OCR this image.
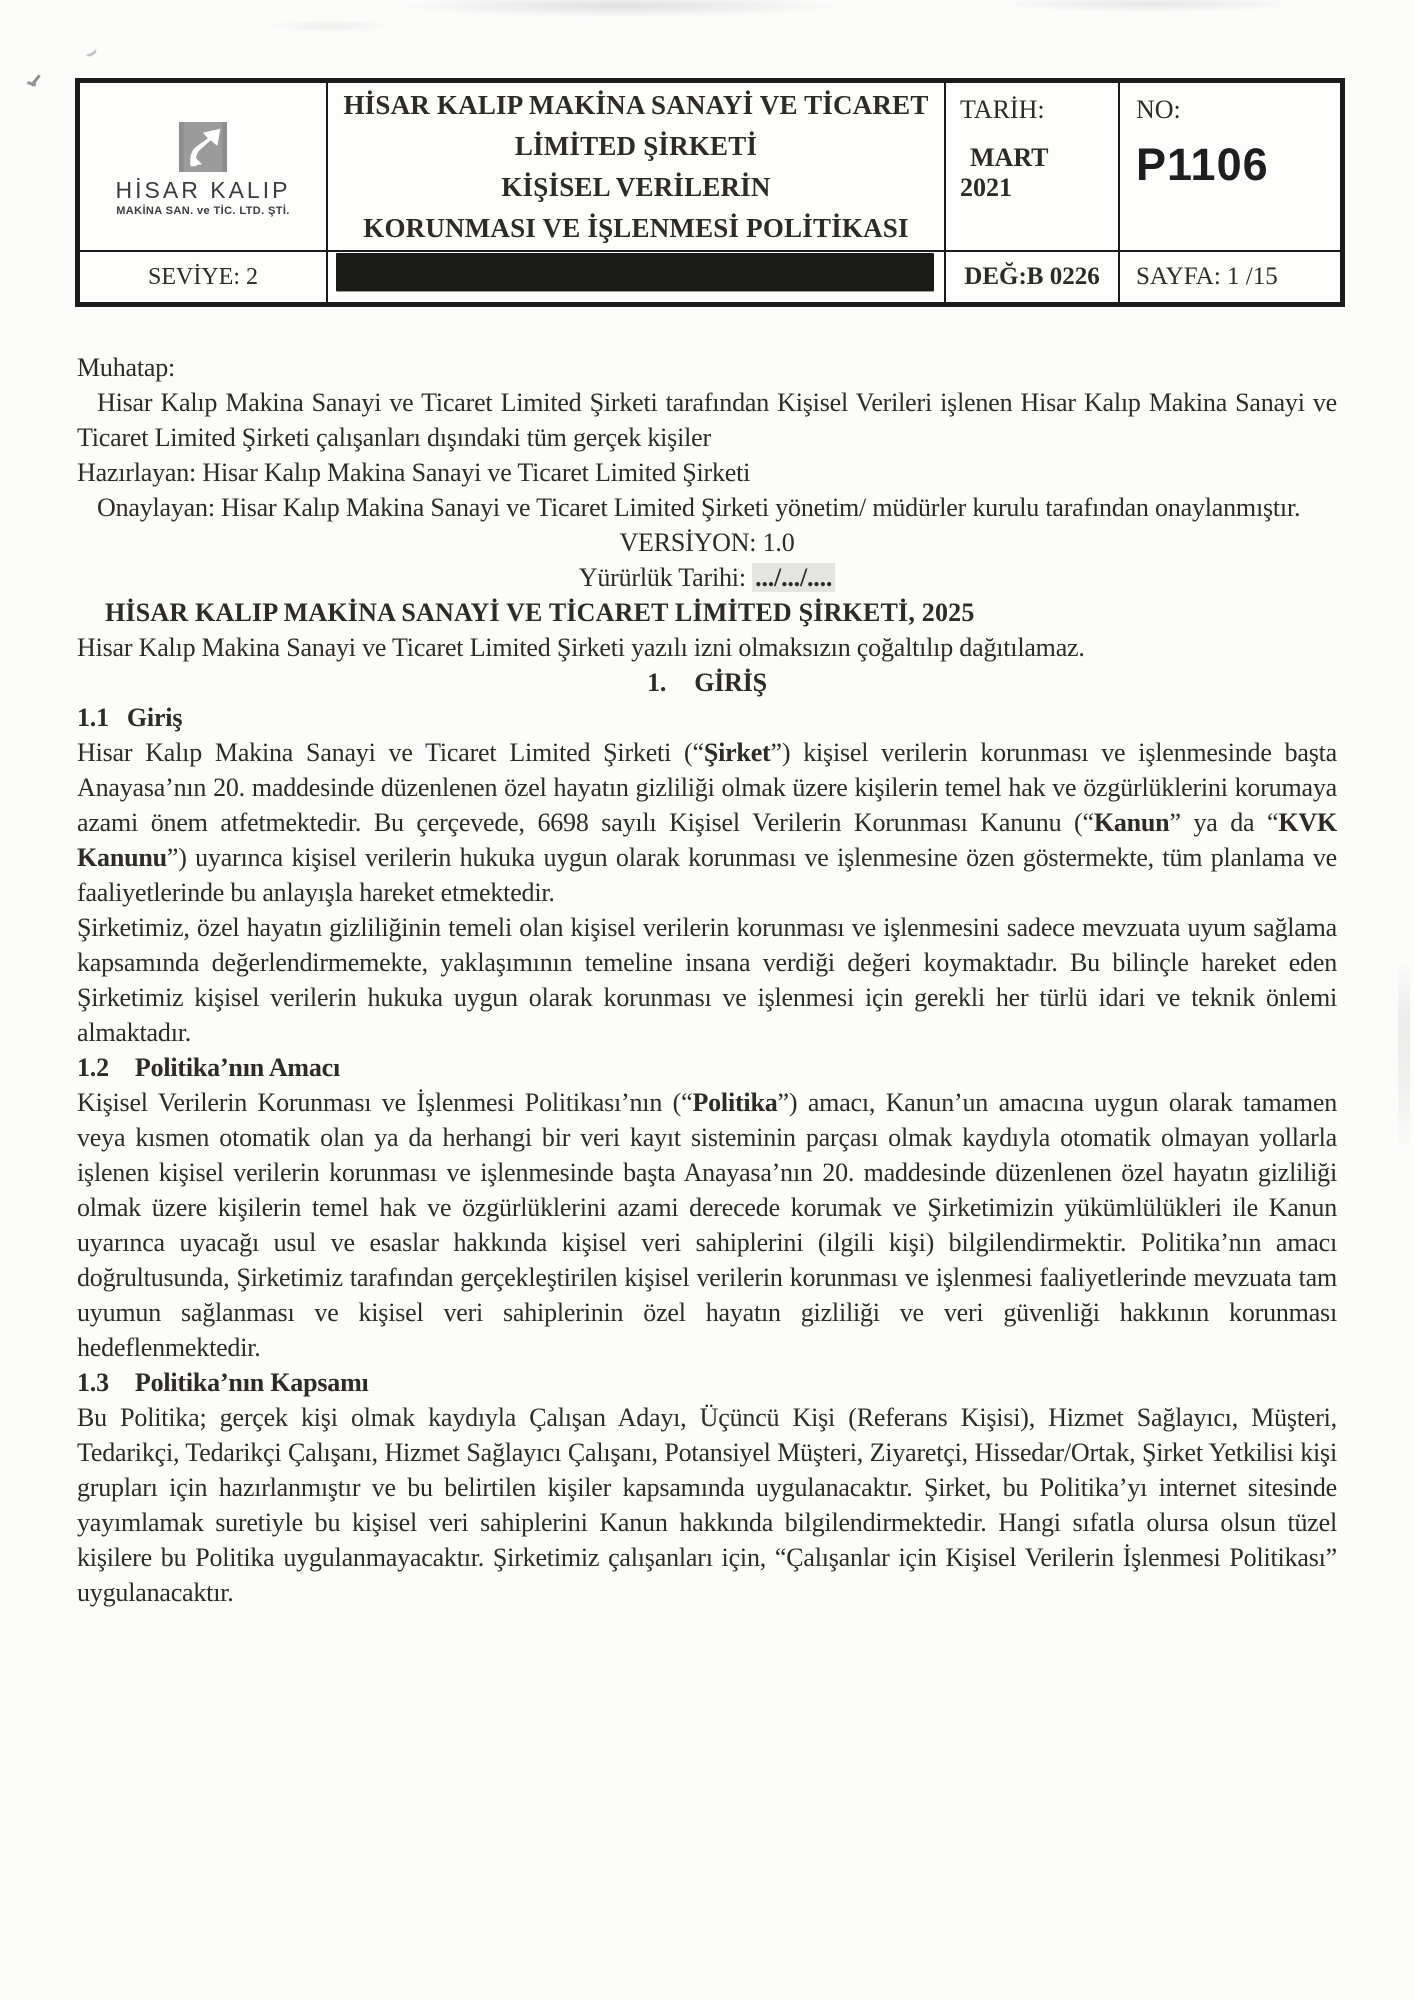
HİSAR KALIP
MAKİNA SAN. ve TİC. LTD. ŞTİ.
HİSAR KALIP MAKİNA SANAYİ VE TİCARET
LİMİTED ŞİRKETİ
KİŞİSEL VERİLERİN
KORUNMASI VE İŞLENMESİ POLİTİKASI
TARİH:
MART
2021
NO:
P1106
SEVİYE: 2	DEĞ:B 0226	SAYFA: 1 /15

Muhatap:

Hisar Kalıp Makina Sanayi ve Ticaret Limited Şirketi tarafından Kişisel Verileri işlenen Hisar Kalıp Makina Sanayi ve Ticaret Limited Şirketi çalışanları dışındaki tüm gerçek kişiler

Hazırlayan: Hisar Kalıp Makina Sanayi ve Ticaret Limited Şirketi

Onaylayan: Hisar Kalıp Makina Sanayi ve Ticaret Limited Şirketi yönetim/ müdürler kurulu tarafından onaylanmıştır.

VERSİYON: 1.0

Yürürlük Tarihi: .../.../....

HİSAR KALIP MAKİNA SANAYİ VE TİCARET LİMİTED ŞİRKETİ, 2025

Hisar Kalıp Makina Sanayi ve Ticaret Limited Şirketi yazılı izni olmaksızın çoğaltılıp dağıtılamaz.

1. GİRİŞ
1.1 Giriş

Hisar Kalıp Makina Sanayi ve Ticaret Limited Şirketi (“Şirket”) kişisel verilerin korunması ve işlenmesinde başta Anayasa’nın 20. maddesinde düzenlenen özel hayatın gizliliği olmak üzere kişilerin temel hak ve özgürlüklerini korumaya azami önem atfetmektedir. Bu çerçevede, 6698 sayılı Kişisel Verilerin Korunması Kanunu (“Kanun” ya da “KVK Kanunu”) uyarınca kişisel verilerin hukuka uygun olarak korunması ve işlenmesine özen göstermekte, tüm planlama ve faaliyetlerinde bu anlayışla hareket etmektedir.

Şirketimiz, özel hayatın gizliliğinin temeli olan kişisel verilerin korunması ve işlenmesini sadece mevzuata uyum sağlama kapsamında değerlendirmemekte, yaklaşımının temeline insana verdiği değeri koymaktadır. Bu bilinçle hareket eden Şirketimiz kişisel verilerin hukuka uygun olarak korunması ve işlenmesi için gerekli her türlü idari ve teknik önlemi almaktadır.

1.2 Politika’nın Amacı

Kişisel Verilerin Korunması ve İşlenmesi Politikası’nın (“Politika”) amacı, Kanun’un amacına uygun olarak tamamen veya kısmen otomatik olan ya da herhangi bir veri kayıt sisteminin parçası olmak kaydıyla otomatik olmayan yollarla işlenen kişisel verilerin korunması ve işlenmesinde başta Anayasa’nın 20. maddesinde düzenlenen özel hayatın gizliliği olmak üzere kişilerin temel hak ve özgürlüklerini azami derecede korumak ve Şirketimizin yükümlülükleri ile Kanun uyarınca uyacağı usul ve esaslar hakkında kişisel veri sahiplerini (ilgili kişi) bilgilendirmektir. Politika’nın amacı doğrultusunda, Şirketimiz tarafından gerçekleştirilen kişisel verilerin korunması ve işlenmesi faaliyetlerinde mevzuata tam uyumun sağlanması ve kişisel veri sahiplerinin özel hayatın gizliliği ve veri güvenliği hakkının korunması hedeflenmektedir.

1.3 Politika’nın Kapsamı

Bu Politika; gerçek kişi olmak kaydıyla Çalışan Adayı, Üçüncü Kişi (Referans Kişisi), Hizmet Sağlayıcı, Müşteri, Tedarikçi, Tedarikçi Çalışanı, Hizmet Sağlayıcı Çalışanı, Potansiyel Müşteri, Ziyaretçi, Hissedar/Ortak, Şirket Yetkilisi kişi grupları için hazırlanmıştır ve bu belirtilen kişiler kapsamında uygulanacaktır. Şirket, bu Politika’yı internet sitesinde yayımlamak suretiyle bu kişisel veri sahiplerini Kanun hakkında bilgilendirmektedir. Hangi sıfatla olursa olsun tüzel kişilere bu Politika uygulanmayacaktır. Şirketimiz çalışanları için, “Çalışanlar için Kişisel Verilerin İşlenmesi Politikası” uygulanacaktır.
